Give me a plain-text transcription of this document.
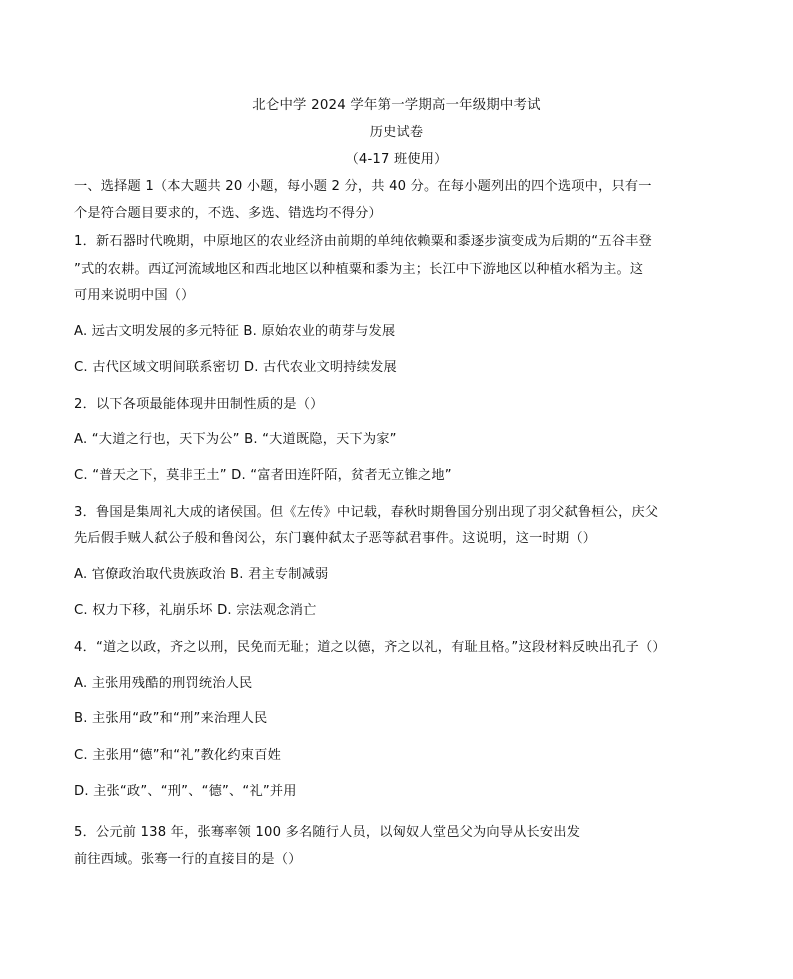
北仑中学 2024 学年第一学期高一年级期中考试
历史试卷
（4-17 班使用）
一、选择题 1（本大题共 20 小题，每小题 2 分，共 40 分。在每小题列出的四个选项中，只有一
个是符合题目要求的，不选、多选、错选均不得分）
1．新石器时代晚期，中原地区的农业经济由前期的单纯依赖粟和黍逐步演变成为后期的“五谷丰登
”式的农耕。西辽河流域地区和西北地区以种植粟和黍为主；长江中下游地区以种植水稻为主。这
可用来说明中国（）
A. 远古文明发展的多元特征 B. 原始农业的萌芽与发展
C. 古代区域文明间联系密切 D. 古代农业文明持续发展
2．以下各项最能体现井田制性质的是（）
A. “大道之行也，天下为公” B. “大道既隐，天下为家”
C. “普天之下，莫非王土” D. “富者田连阡陌，贫者无立锥之地”
3．鲁国是集周礼大成的诸侯国。但《左传》中记载，春秋时期鲁国分别出现了羽父弑鲁桓公，庆父
先后假手贼人弑公子般和鲁闵公，东门襄仲弑太子恶等弑君事件。这说明，这一时期（）
A. 官僚政治取代贵族政治 B. 君主专制减弱
C. 权力下移，礼崩乐坏 D. 宗法观念消亡
4．“道之以政，齐之以刑，民免而无耻；道之以德，齐之以礼，有耻且格。”这段材料反映出孔子（）
A. 主张用残酷的刑罚统治人民
B. 主张用“政”和“刑”来治理人民
C. 主张用“德”和“礼”教化约束百姓
D. 主张“政”、“刑”、“德”、“礼”并用
5．公元前 138 年，张骞率领 100 多名随行人员，以匈奴人堂邑父为向导从长安出发
前往西域。张骞一行的直接目的是（）
